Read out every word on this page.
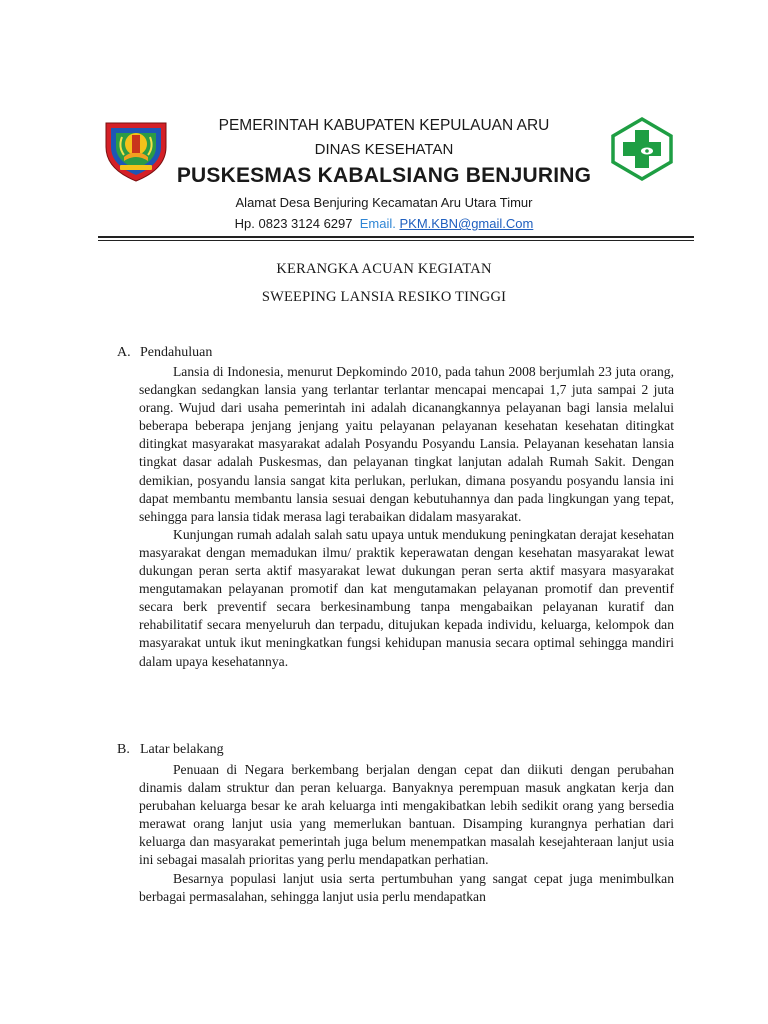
PEMERINTAH KABUPATEN KEPULAUAN ARU
DINAS KESEHATAN
PUSKESMAS KABALSIANG BENJURING
Alamat Desa Benjuring Kecamatan Aru Utara Timur
Hp. 0823 3124 6297 Email. PKM.KBN@gmail.Com
KERANGKA ACUAN KEGIATAN
SWEEPING LANSIA RESIKO TINGGI
A. Pendahuluan

Lansia di Indonesia, menurut Depkomindo 2010, pada tahun 2008 berjumlah 23 juta orang, sedangkan sedangkan lansia yang terlantar terlantar mencapai mencapai 1,7 juta sampai 2 juta orang. Wujud dari usaha pemerintah ini adalah dicanangkannya pelayanan bagi lansia melalui beberapa beberapa jenjang jenjang yaitu pelayanan pelayanan kesehatan kesehatan ditingkat ditingkat masyarakat masyarakat adalah Posyandu Posyandu Lansia. Pelayanan kesehatan lansia tingkat dasar adalah Puskesmas, dan pelayanan tingkat lanjutan adalah Rumah Sakit. Dengan demikian, posyandu lansia sangat kita perlukan, perlukan, dimana posyandu posyandu lansia ini dapat membantu membantu lansia sesuai dengan kebutuhannya dan pada lingkungan yang tepat, sehingga para lansia tidak merasa lagi terabaikan didalam masyarakat.

Kunjungan rumah adalah salah satu upaya untuk mendukung peningkatan derajat kesehatan masyarakat dengan memadukan ilmu/ praktik keperawatan dengan kesehatan masyarakat lewat dukungan peran serta aktif masyarakat lewat dukungan peran serta aktif masyara masyarakat mengutamakan pelayanan promotif dan kat mengutamakan pelayanan promotif dan preventif secara berk preventif secara berkesinambung tanpa mengabaikan pelayanan kuratif dan rehabilitatif secara menyeluruh dan terpadu, ditujukan kepada individu, keluarga, kelompok dan masyarakat untuk ikut meningkatkan fungsi kehidupan manusia secara optimal sehingga mandiri dalam upaya kesehatannya.

B. Latar belakang

Penuaan di Negara berkembang berjalan dengan cepat dan diikuti dengan perubahan dinamis dalam struktur dan peran keluarga. Banyaknya perempuan masuk angkatan kerja dan perubahan keluarga besar ke arah keluarga inti mengakibatkan lebih sedikit orang yang bersedia merawat orang lanjut usia yang memerlukan bantuan. Disamping kurangnya perhatian dari keluarga dan masyarakat pemerintah juga belum menempatkan masalah kesejahteraan lanjut usia ini sebagai masalah prioritas yang perlu mendapatkan perhatian.

Besarnya populasi lanjut usia serta pertumbuhan yang sangat cepat juga menimbulkan berbagai permasalahan, sehingga lanjut usia perlu mendapatkan
